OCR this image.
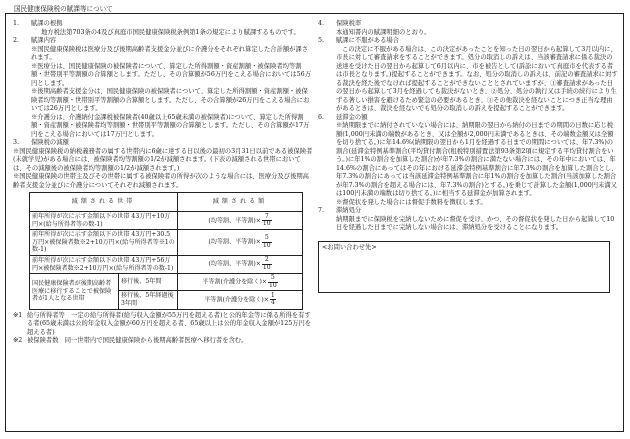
国民健康保険税の賦課等について
1.	賦課の根拠

地方税法第703条の4及び真庭市国民健康保険税条例第1条の規定により賦課するものです。

2.	賦課内容

※国民健康保険税は医療分及び後期高齢者支援金分並びに介護分をそれぞれ算定した合計額が課されます。

※医療分は、国民健康保険の被保険者について、算定した所得割額・資産割額・被保険者均等割額・世帯別平等割額の合算額とします。ただし、その合算額が56万円をこえる場合においては56万円とします。

※後期高齢者支援金分は、国民健康保険の被保険者について、算定した所得割額・資産割額・被保険者均等割額・世帯別平等割額の合算額とします。ただし、その合算額が26万円をこえる場合においては26万円とします。

※介護分は、介護納付金課税被保険者(40歳以上65歳未満の被保険者)について、算定した所得割額・資産割額・被保険者均等割額・世帯別平等割額の合算額とします。ただし、その合算額が17万円をこえる場合においては17万円とします。

3.	保険税の減額

※国民健康保険税の納税義務者の属する世帯内に6歳に達する日以後の最初の3月31日以前である被保険者(未就学児)がある場合には、被保険者均等割額の1/2が減額されます。(下表の減額される世帯においては、その減額後の被保険者均等割額の1/2が減額されます。)

※国民健康保険の世帯主及びその世帯に属する被保険者の所得が次のような場合には、医療分及び後期高齢者支援金分並びに介護分についてそれぞれ減額されます。

減額される世帯		減額される額
前年所得が次に示す金額以下の世帯 43万円+10万円×(給与所得者等の数-1)		(均等割、平等割)× $\frac{7}{10}$

前年所得が次に示す金額以下の世帯 43万円+30.5万円×被保険者数※2+10万円×(給与所得者等※1の数-1)		(均等割、平等割)× $\frac{5}{10}$

前年所得が次に示す金額以下の世帯 43万円+56万円×被保険者数※2+10万円×(給与所得者等の数-1)		(均等割、平等割)× $\frac{2}{10}$

国民健康保険者が後期高齢者医療に移行することで被保険者が1人となる世帯	移行後、5年間	平等割(介護分を除く)× $\frac{5}{10}$

	移行後、5年経過後3年間	平等割(介護分を除く)× $\frac{1}{4}$
※1 給与所得者等　一定の給与所得者(給与収入金額が55万円を超える者)と公的年金等に係る所得を有する者(65歳未満は公的年金収入金額が60万円を超える者、65歳以上は公的年金収入金額が125万円を超える者)
※2 被保険者数　同一世帯内で国民健康保険から後期高齢者医療へ移行者を含む。
4.	保険税率

本通知書内の賦課明細のとおり。

5.	賦課に不服がある場合

この決定に不服がある場合は、この決定があったことを知った日の翌日から起算して3月以内に、市長に対して審査請求をすることができます。処分の取消しの訴えは、当該審査請求に係る裁決の送達を受けた日の翌日から起算して6月以内に、市を被告として(訴訟において真庭市を代表する者は市長となります。)提起することができます。なお、処分の取消しの訴えは、前記の審査請求に対する裁決を経た後でなければ提起することができないこととされていますが、①審査請求があった日の翌日から起算して3月を経過しても裁決がないとき、②処分、処分の執行又は手続の続行により生ずる著しい損害を避けるため緊急の必要があるとき、③その他裁決を経ないことにつき正当な理由があるときは、裁決を経ないでも処分の取消しの訴えを提起することができます。

6.	延滞金の額

※納期限までに納付されていない場合には、納期限の翌日から納付の日までの期間の日数に応じ税額(1,000円未満の端数があるとき、又は全額が2,000円未満であるときは、その端数金額又は全額を切り捨てる。)に年14.6%(納期限の翌日から1月を経過する日までの期間については、年7.3%)の割合(延滞金特例基準割合(平均貸付割合(租税特別措置法第93条第2項に規定する平均貸付割合をいう。)に年1%の割合を加算した割合)が年7.3%の割合に満たない場合には、その年中においては、年14.6%の割合にあってはその年における延滞金特例基準割合に年7.3%の割合を加算した割合とし、年7.3%の割合にあっては当該延滞金特例基準割合に年1%の割合を加算した割合(当該加算した割合が年7.3%の割合を超える場合には、年7.3%の割合)とする。)を乗じて計算した金額(1,000円未満又は100円未満の端数は切り捨てる。)に相当する延滞金が加算されます。

※督促状を発した場合には督促手数料を徴収します。

7.	滞納処分

納期限までに保険税を完納しないために督促を受け、かつ、その督促状を発した日から起算して10日を経過した日までに完納しない場合には、滞納処分を受けることになります。

<お問い合わせ先>
